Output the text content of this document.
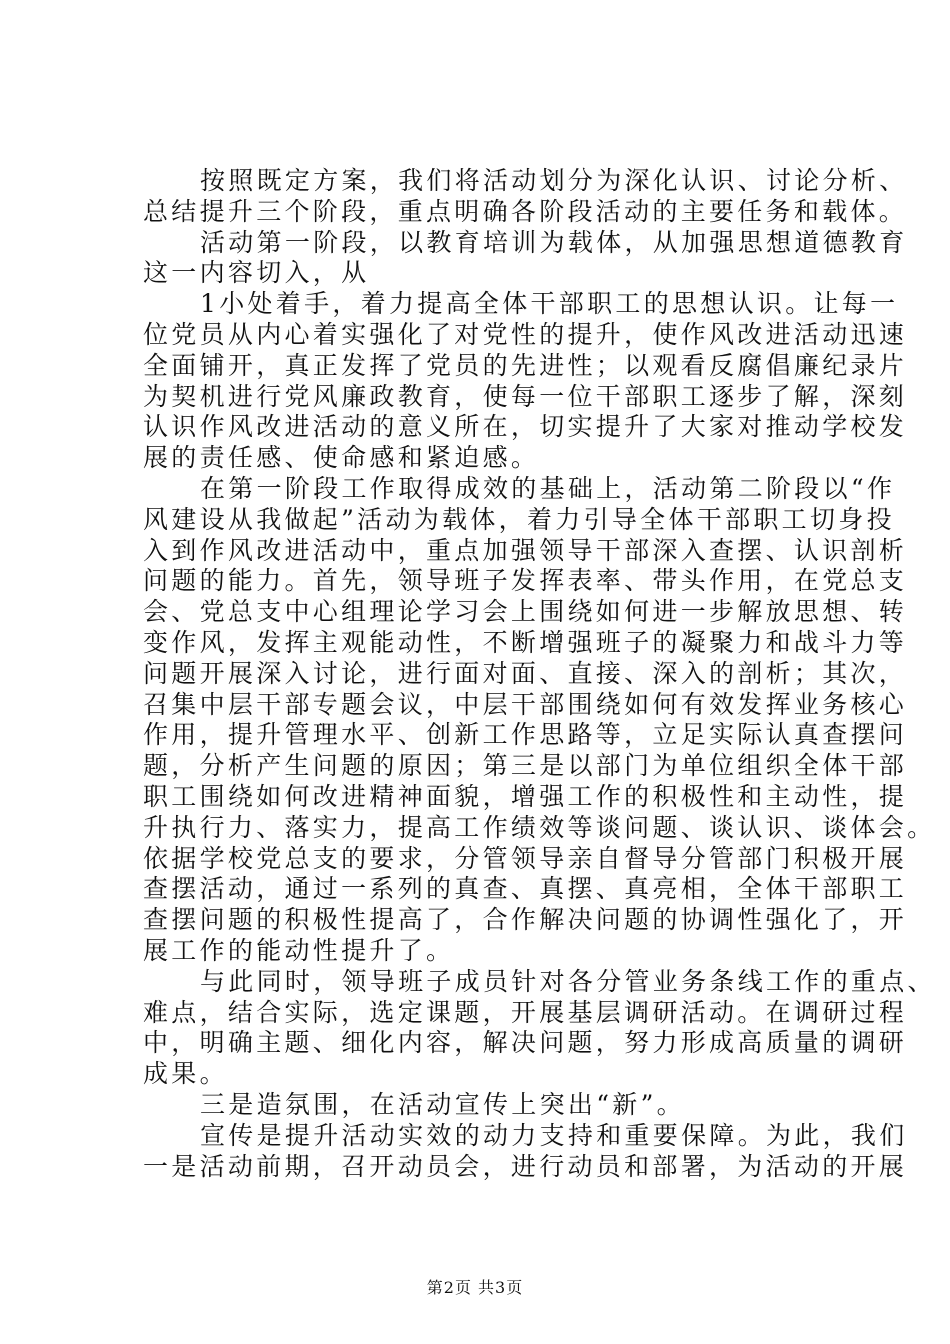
按照既定方案，我们将活动划分为深化认识、讨论分析、
总结提升三个阶段，重点明确各阶段活动的主要任务和载体。
活动第一阶段，以教育培训为载体，从加强思想道德教育
这一内容切入，从
1小处着手，着力提高全体干部职工的思想认识。让每一
位党员从内心着实强化了对党性的提升，使作风改进活动迅速
全面铺开，真正发挥了党员的先进性；以观看反腐倡廉纪录片
为契机进行党风廉政教育，使每一位干部职工逐步了解，深刻
认识作风改进活动的意义所在，切实提升了大家对推动学校发
展的责任感、使命感和紧迫感。
在第一阶段工作取得成效的基础上，活动第二阶段以“作
风建设从我做起”活动为载体，着力引导全体干部职工切身投
入到作风改进活动中，重点加强领导干部深入查摆、认识剖析
问题的能力。首先，领导班子发挥表率、带头作用，在党总支
会、党总支中心组理论学习会上围绕如何进一步解放思想、转
变作风，发挥主观能动性，不断增强班子的凝聚力和战斗力等
问题开展深入讨论，进行面对面、直接、深入的剖析；其次，
召集中层干部专题会议，中层干部围绕如何有效发挥业务核心
作用，提升管理水平、创新工作思路等，立足实际认真查摆问
题，分析产生问题的原因；第三是以部门为单位组织全体干部
职工围绕如何改进精神面貌，增强工作的积极性和主动性，提
升执行力、落实力，提高工作绩效等谈问题、谈认识、谈体会。
依据学校党总支的要求，分管领导亲自督导分管部门积极开展
查摆活动，通过一系列的真查、真摆、真亮相，全体干部职工
查摆问题的积极性提高了，合作解决问题的协调性强化了，开
展工作的能动性提升了。
与此同时，领导班子成员针对各分管业务条线工作的重点、
难点，结合实际，选定课题，开展基层调研活动。在调研过程
中，明确主题、细化内容，解决问题，努力形成高质量的调研
成果。
三是造氛围，在活动宣传上突出“新”。
宣传是提升活动实效的动力支持和重要保障。为此，我们
一是活动前期，召开动员会，进行动员和部署，为活动的开展
第2页 共3页
